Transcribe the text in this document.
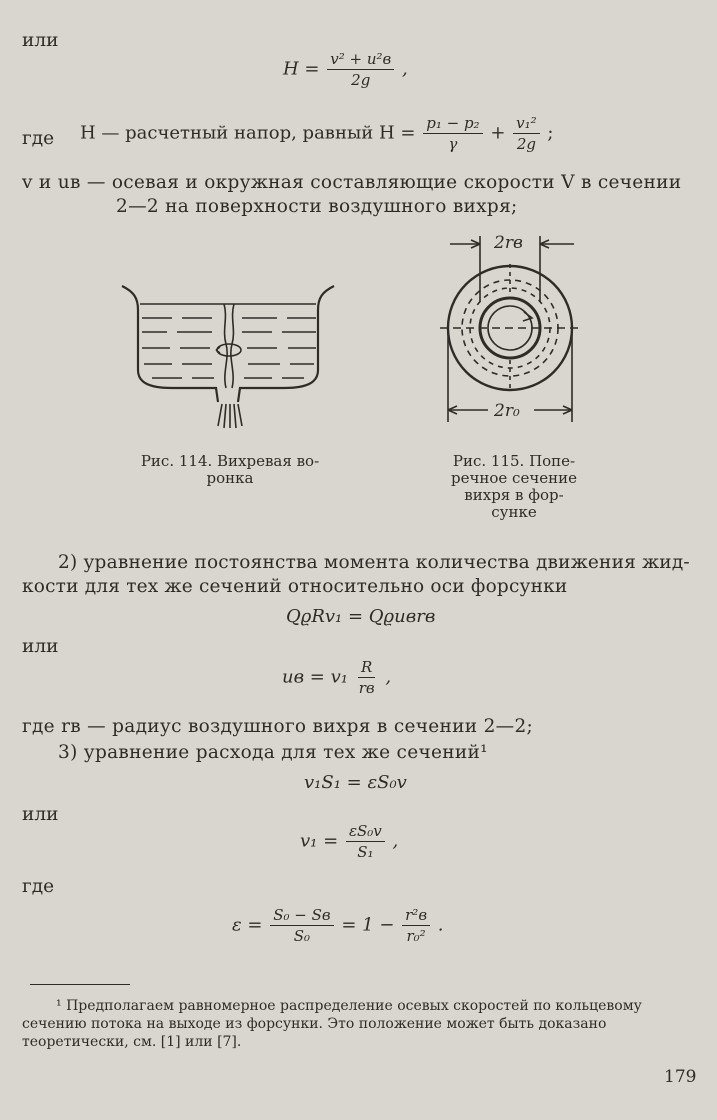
или
$H = \frac{\text{v² + u²в}}{2g}$ ,
где H — расчетный напор, равный $H = \frac{\text{p₁ − p₂}}{\gamma} + \frac{\text{v₁²}}{2g}$ ;
v и uв — осевая и окружная составляющие скорости V в сечении
2—2 на поверхности воздушного вихря;
Рис. 114. Вихревая во-
ронка
2rв
2r₀
Рис. 115. Попе-
речное сечение
вихря в фор-
сунке
2) уравнение постоянства момента количества движения жид-
кости для тех же сечений относительно оси форсунки
QϱRv₁ = Qϱuвrв
или
uв = $v_1 \frac{R}{rв}$ ,
где rв — радиус воздушного вихря в сечении 2—2;
3) уравнение расхода для тех же сечений¹
v₁S₁ = εS₀v
или
$v_1 = \frac{\text{εS₀v}}{\text{S₁}}$ ,
где
$\varepsilon = \frac{\text{S₀ − Sв}}{\text{S₀}} = 1 - \frac{\text{r²в}}{\text{r₀²}}$ .
¹ Предполагаем равномерное распределение осевых скоростей по кольцевому
сечению потока на выходе из форсунки. Это положение может быть доказано
теоретически, см. [1] или [7].
179
